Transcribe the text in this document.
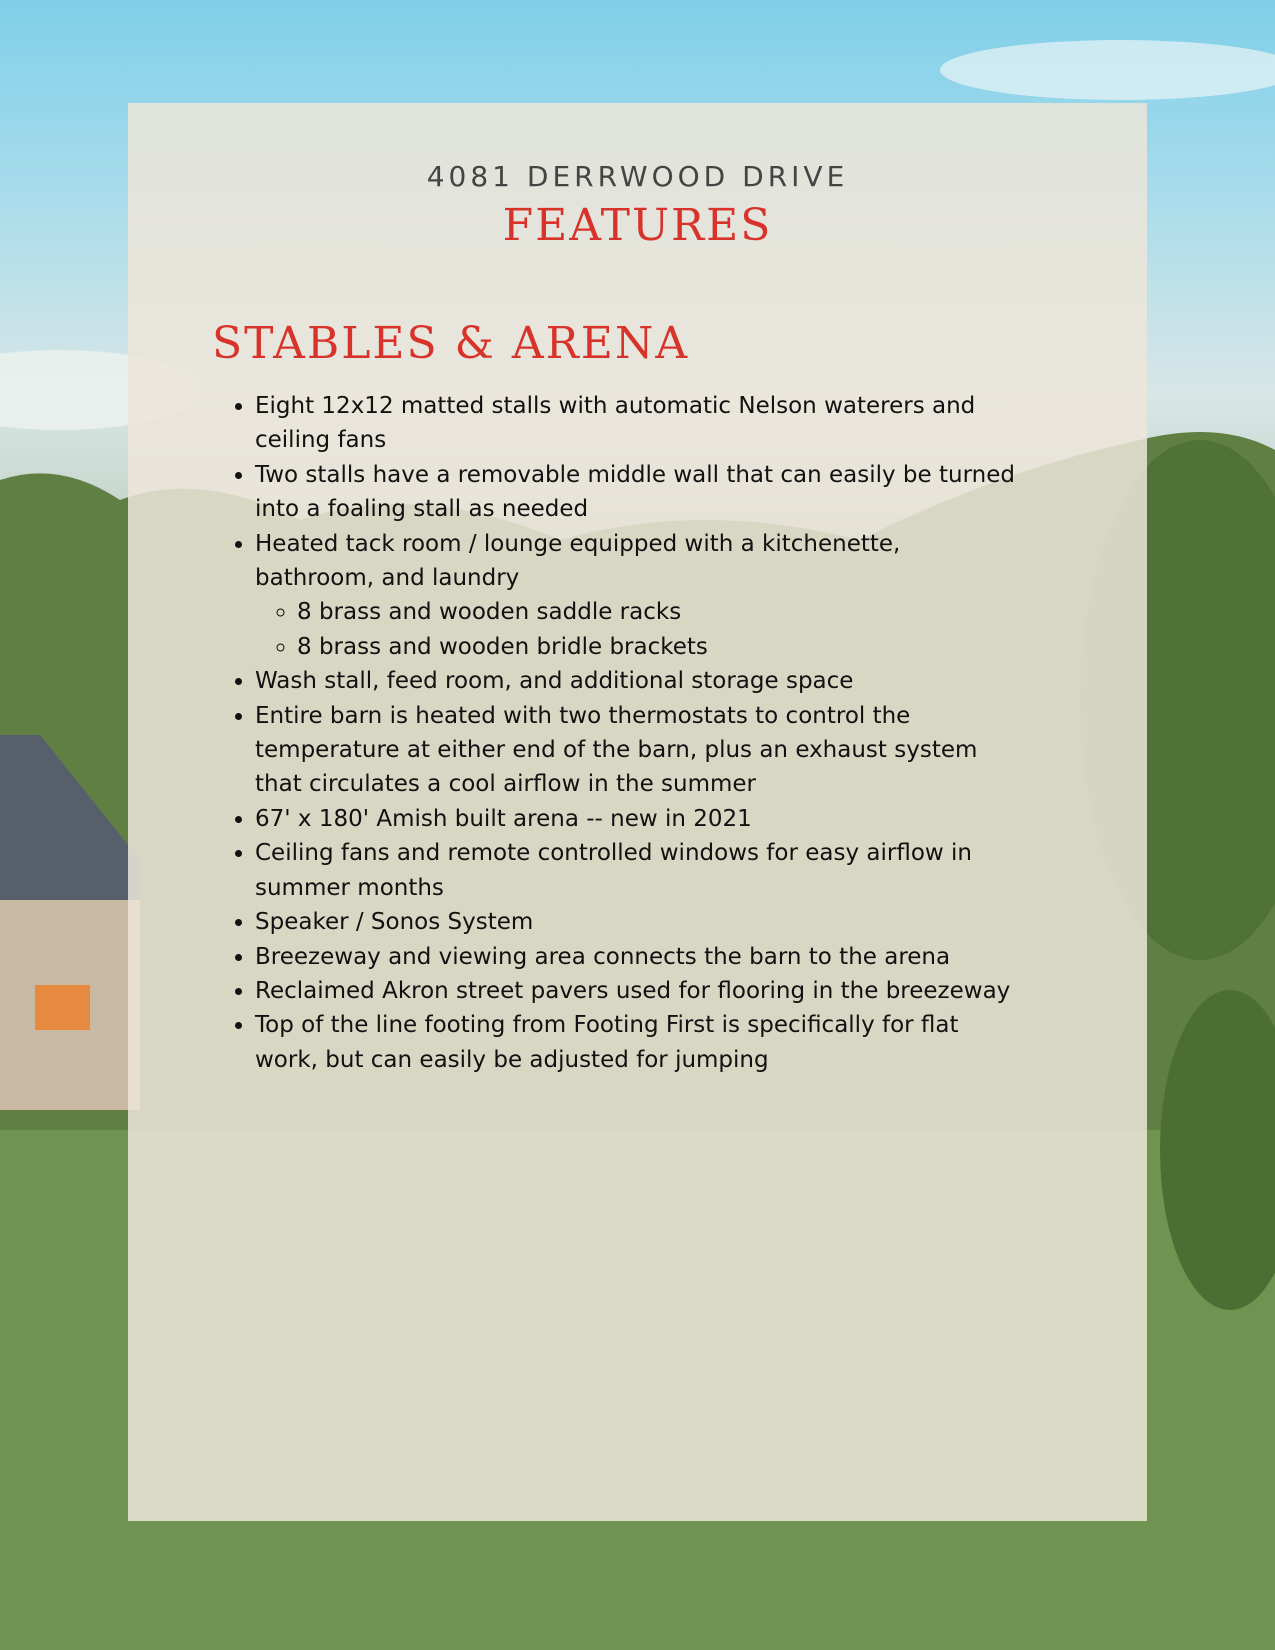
4081 DERRWOOD DRIVE
FEATURES
STABLES & ARENA
• Eight 12x12 matted stalls with automatic Nelson waterers and ceiling fans
• Two stalls have a removable middle wall that can easily be turned into a foaling stall as needed
• Heated tack room / lounge equipped with a kitchenette, bathroom, and laundry
◦ 8 brass and wooden saddle racks
◦ 8 brass and wooden bridle brackets
• Wash stall, feed room, and additional storage space
• Entire barn is heated with two thermostats to control the temperature at either end of the barn, plus an exhaust system that circulates a cool airflow in the summer
• 67' x 180' Amish built arena -- new in 2021
• Ceiling fans and remote controlled windows for easy airflow in summer months
• Speaker / Sonos System
• Breezeway and viewing area connects the barn to the arena
• Reclaimed Akron street pavers used for flooring in the breezeway
• Top of the line footing from Footing First is specifically for flat work, but can easily be adjusted for jumping
